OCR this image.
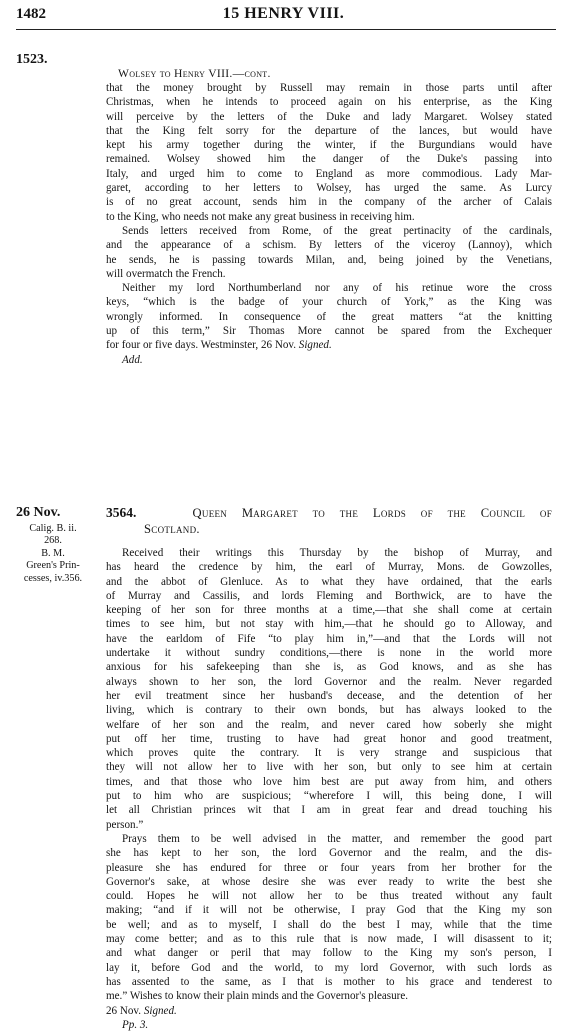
1482	15 HENRY VIII.
1523.
Wolsey to Henry VIII.—cont.
that the money brought by Russell may remain in those parts until after
Christmas, when he intends to proceed again on his enterprise, as the King
will perceive by the letters of the Duke and lady Margaret. Wolsey stated
that the King felt sorry for the departure of the lances, but would have
kept his army together during the winter, if the Burgundians would have
remained. Wolsey showed him the danger of the Duke's passing into
Italy, and urged him to come to England as more commodious. Lady Mar-
garet, according to her letters to Wolsey, has urged the same. As Lurcy
is of no great account, sends him in the company of the archer of Calais
to the King, who needs not make any great business in receiving him.
Sends letters received from Rome, of the great pertinacity of the cardinals,
and the appearance of a schism. By letters of the viceroy (Lannoy), which
he sends, he is passing towards Milan, and, being joined by the Venetians,
will overmatch the French.
Neither my lord Northumberland nor any of his retinue wore the cross
keys, “which is the badge of your church of York,” as the King was
wrongly informed. In consequence of the great matters “at the knitting
up of this term,” Sir Thomas More cannot be spared from the Exchequer
for four or five days. Westminster, 26 Nov. Signed.
Add.
26 Nov.
Calig. B. ii.
268.
B. M.
Green's Prin-
cesses, iv.356.
3564.	Queen Margaret to the Lords of the Council of
Scotland.
Received their writings this Thursday by the bishop of Murray, and
has heard the credence by him, the earl of Murray, Mons. de Gowzolles,
and the abbot of Glenluce. As to what they have ordained, that the earls
of Murray and Cassilis, and lords Fleming and Borthwick, are to have the
keeping of her son for three months at a time,—that she shall come at certain
times to see him, but not stay with him,—that he should go to Alloway, and
have the earldom of Fife “to play him in,”—and that the Lords will not
undertake it without sundry conditions,—there is none in the world more
anxious for his safekeeping than she is, as God knows, and as she has
always shown to her son, the lord Governor and the realm. Never regarded
her evil treatment since her husband's decease, and the detention of her
living, which is contrary to their own bonds, but has always looked to the
welfare of her son and the realm, and never cared how soberly she might
put off her time, trusting to have had great honor and good treatment,
which proves quite the contrary. It is very strange and suspicious that
they will not allow her to live with her son, but only to see him at certain
times, and that those who love him best are put away from him, and others
put to him who are suspicious; “wherefore I will, this being done, I will
let all Christian princes wit that I am in great fear and dread touching his
person.”
Prays them to be well advised in the matter, and remember the good part
she has kept to her son, the lord Governor and the realm, and the dis-
pleasure she has endured for three or four years from her brother for the
Governor's sake, at whose desire she was ever ready to write the best she
could. Hopes he will not allow her to be thus treated without any fault
making; “and if it will not be otherwise, I pray God that the King my son
be well; and as to myself, I shall do the best I may, while that the time
may come better; and as to this rule that is now made, I will disassent to it;
and what danger or peril that may follow to the King my son's person, I
lay it, before God and the world, to my lord Governor, with such lords as
has assented to the same, as I that is mother to his grace and tenderest to
me.” Wishes to know their plain minds and the Governor's pleasure.
26 Nov. Signed.
Pp. 3.
